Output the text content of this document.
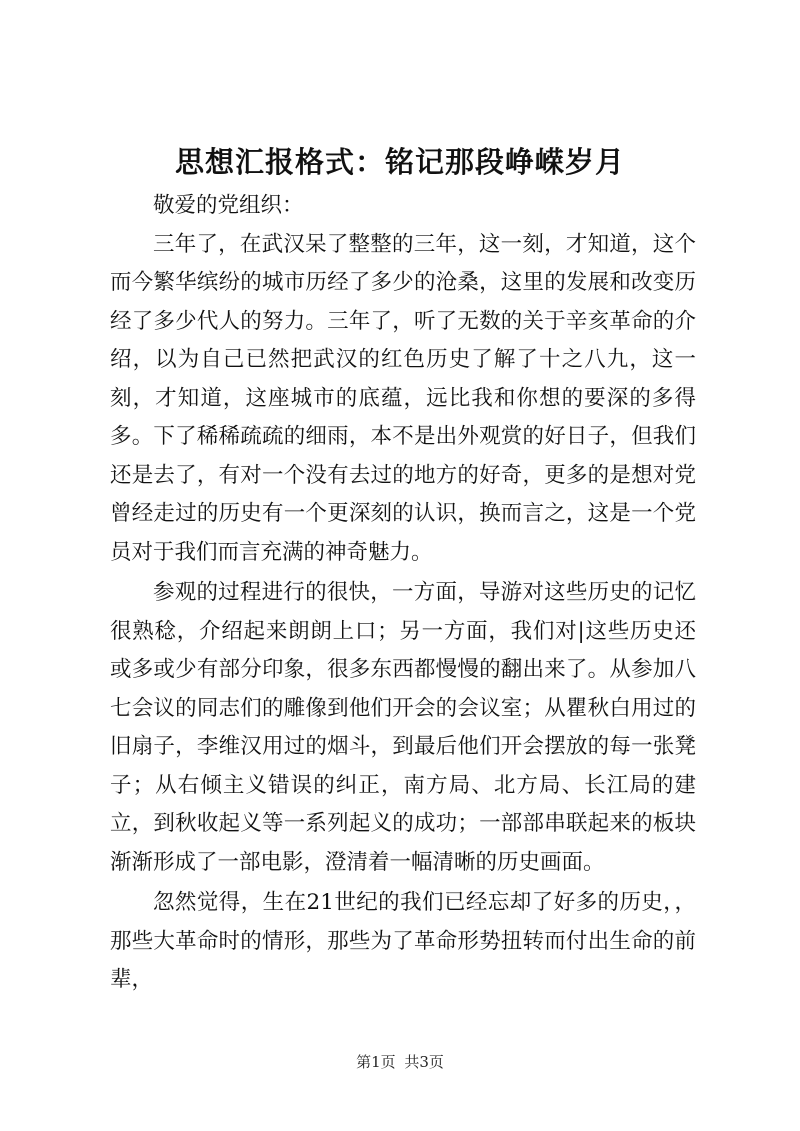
思想汇报格式：铭记那段峥嵘岁月
敬爱的党组织：

三年了，在武汉呆了整整的三年，这一刻，才知道，这个而今繁华缤纷的城市历经了多少的沧桑，这里的发展和改变历经了多少代人的努力。三年了，听了无数的关于辛亥革命的介绍，以为自己已然把武汉的红色历史了解了十之八九，这一刻，才知道，这座城市的底蕴，远比我和你想的要深的多得多。下了稀稀疏疏的细雨，本不是出外观赏的好日子，但我们还是去了，有对一个没有去过的地方的好奇，更多的是想对党曾经走过的历史有一个更深刻的认识，换而言之，这是一个党员对于我们而言充满的神奇魅力。

参观的过程进行的很快，一方面，导游对这些历史的记忆很熟稔，介绍起来朗朗上口；另一方面，我们对|这些历史还或多或少有部分印象，很多东西都慢慢的翻出来了。从参加八七会议的同志们的雕像到他们开会的会议室；从瞿秋白用过的旧扇子，李维汉用过的烟斗，到最后他们开会摆放的每一张凳子；从右倾主义错误的纠正，南方局、北方局、长江局的建立，到秋收起义等一系列起义的成功；一部部串联起来的板块渐渐形成了一部电影，澄清着一幅清晰的历史画面。

忽然觉得，生在21世纪的我们已经忘却了好多的历史，，那些大革命时的情形，那些为了革命形势扭转而付出生命的前辈，

第1页 共3页
